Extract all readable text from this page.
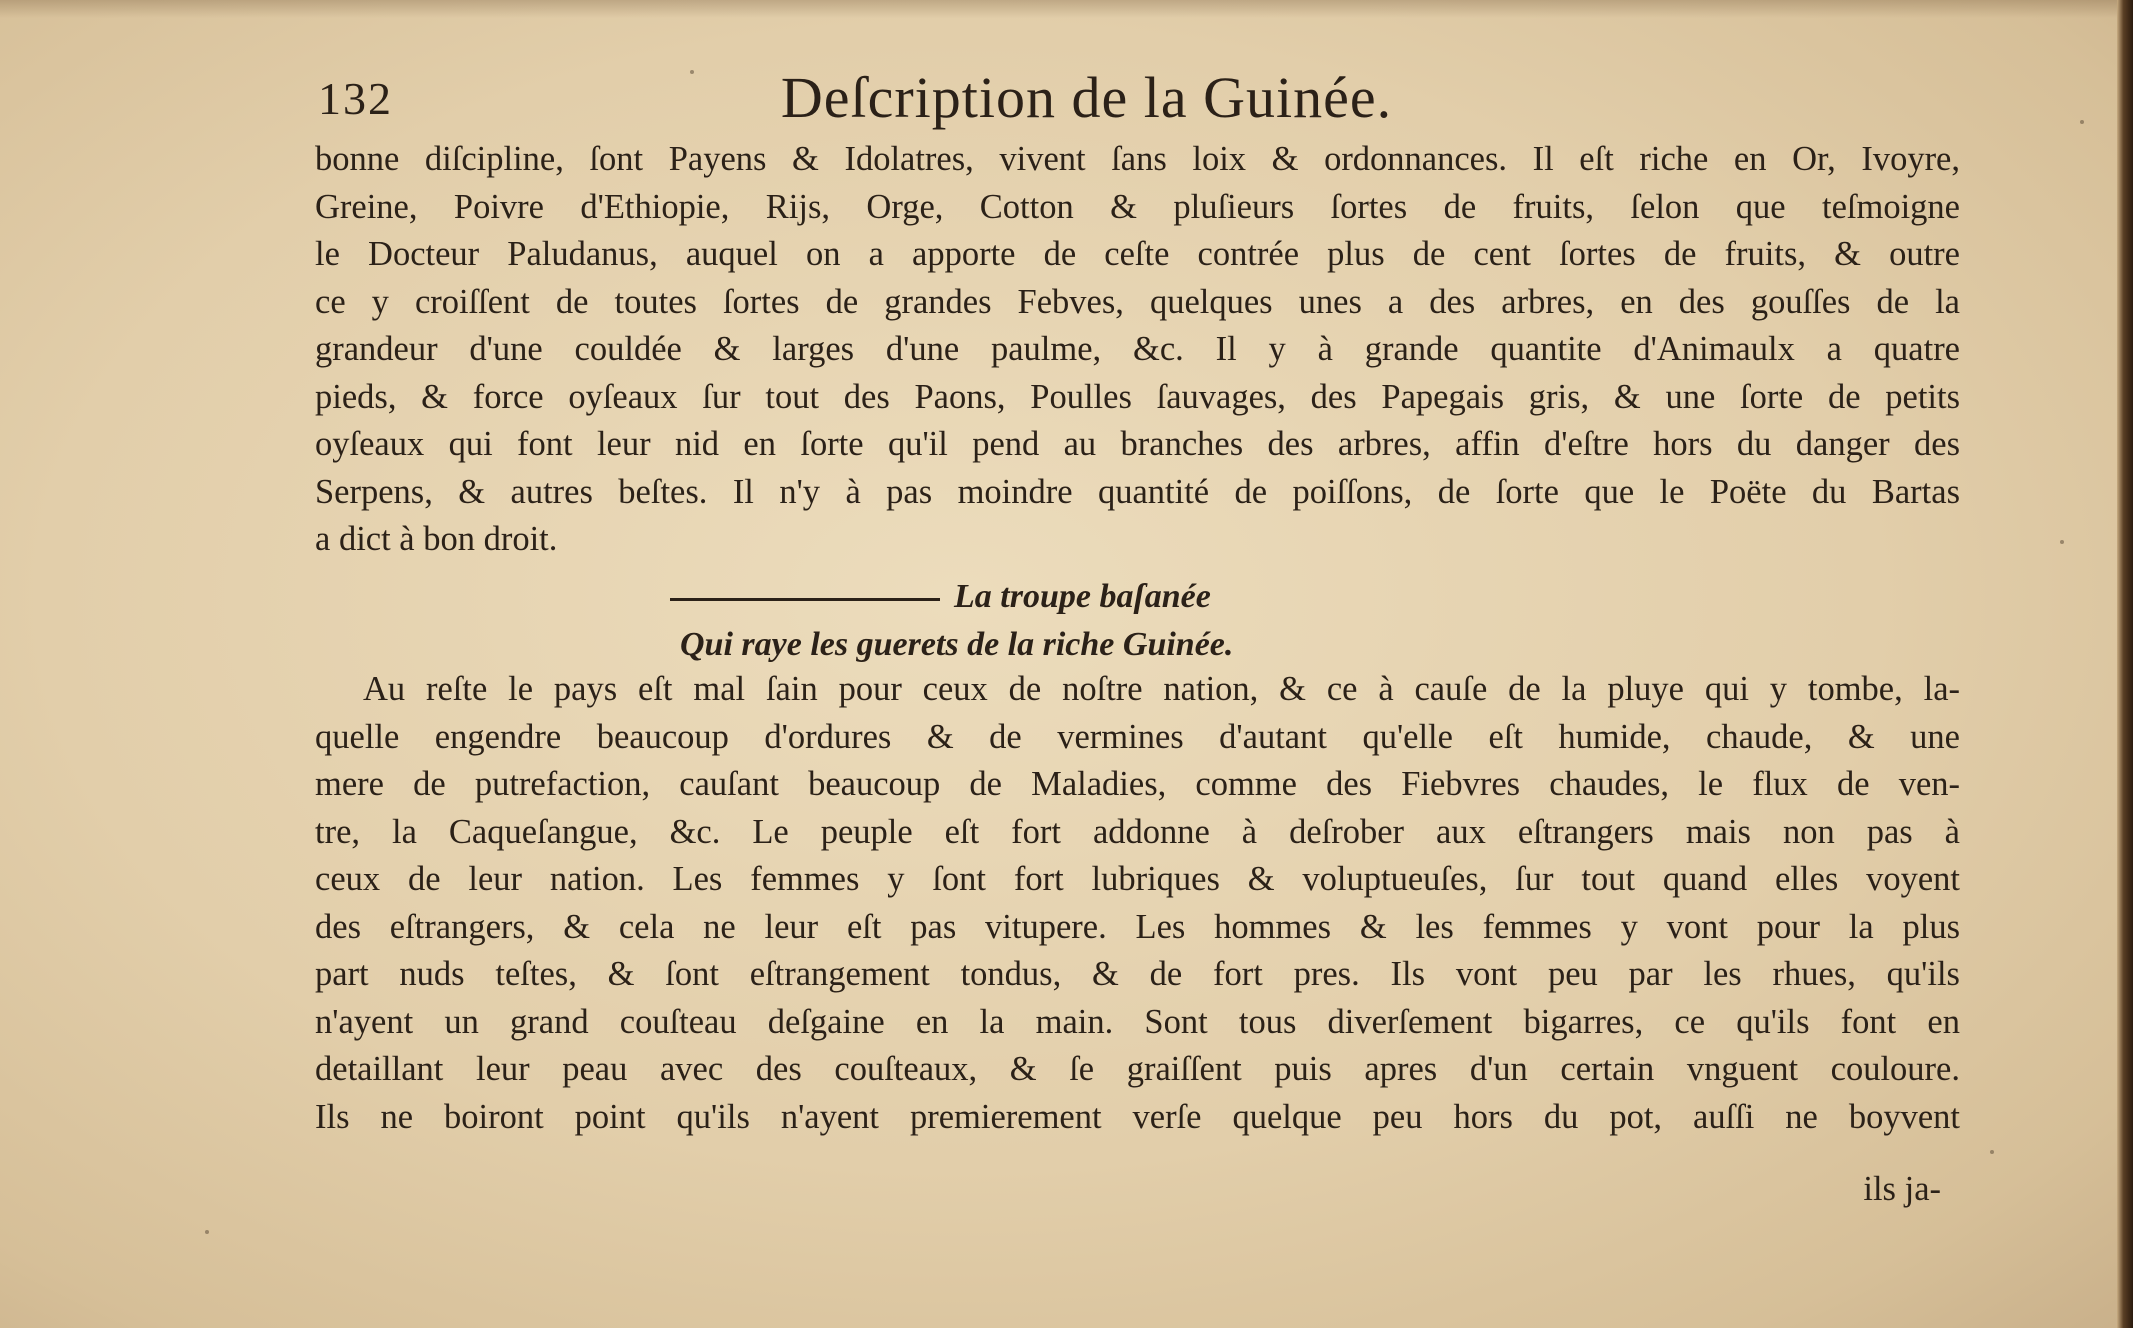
132	Deſcription de la Guinée.
bonne diſcipline, ſont Payens & Idolatres, vivent ſans loix & ordonnances. Il eſt riche en Or, Ivoyre,
Greine, Poivre d'Ethiopie, Rijs, Orge, Cotton & pluſieurs ſortes de fruits, ſelon que teſmoigne
le Docteur Paludanus, auquel on a apporte de ceſte contrée plus de cent ſortes de fruits, & outre
ce y croiſſent de toutes ſortes de grandes Febves, quelques unes a des arbres, en des gouſſes de la
grandeur d'une couldée & larges d'une paulme, &c. Il y à grande quantite d'Animaulx a quatre
pieds, & force oyſeaux ſur tout des Paons, Poulles ſauvages, des Papegais gris, & une ſorte de petits
oyſeaux qui font leur nid en ſorte qu'il pend au branches des arbres, affin d'eſtre hors du danger des
Serpens, & autres beſtes. Il n'y à pas moindre quantité de poiſſons, de ſorte que le Poëte du Bartas
a dict à bon droit.
La troupe baſanée
Qui raye les guerets de la riche Guinée.
Au reſte le pays eſt mal ſain pour ceux de noſtre nation, & ce à cauſe de la pluye qui y tombe, la-
quelle engendre beaucoup d'ordures & de vermines d'autant qu'elle eſt humide, chaude, & une
mere de putrefaction, cauſant beaucoup de Maladies, comme des Fiebvres chaudes, le flux de ven-
tre, la Caqueſangue, &c. Le peuple eſt fort addonne à deſrober aux eſtrangers mais non pas à
ceux de leur nation. Les femmes y ſont fort lubriques & voluptueuſes, ſur tout quand elles voyent
des eſtrangers, & cela ne leur eſt pas vitupere. Les hommes & les femmes y vont pour la plus
part nuds teſtes, & ſont eſtrangement tondus, & de fort pres. Ils vont peu par les rhues, qu'ils
n'ayent un grand couſteau deſgaine en la main. Sont tous diverſement bigarres, ce qu'ils font en
detaillant leur peau avec des couſteaux, & ſe graiſſent puis apres d'un certain vnguent couloure.
Ils ne boiront point qu'ils n'ayent premierement verſe quelque peu hors du pot, auſſi ne boyvent
ils ja-
